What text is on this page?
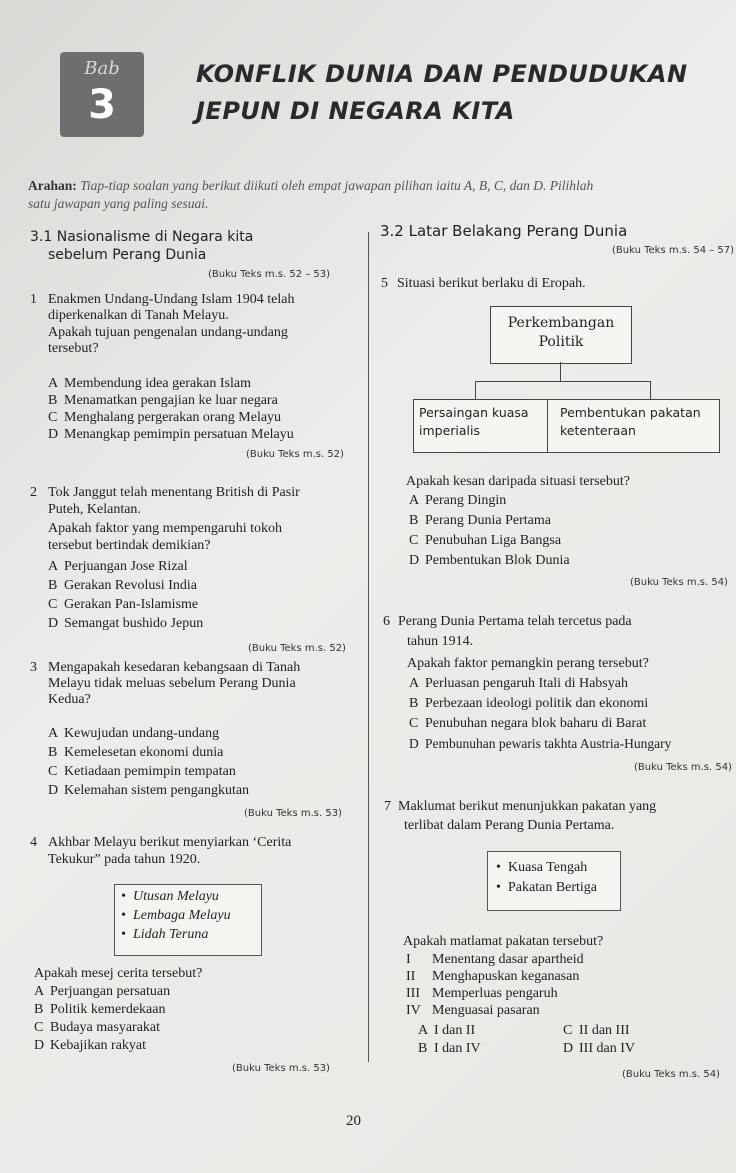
Bab
3
KONFLIK DUNIA DAN PENDUDUKAN
JEPUN DI NEGARA KITA
Arahan: Tiap-tiap soalan yang berikut diikuti oleh empat jawapan pilihan iaitu A, B, C, dan D. Pilihlah
satu jawapan yang paling sesuai.
3.1 Nasionalisme di Negara kita
sebelum Perang Dunia
(Buku Teks m.s. 52 – 53)
1 Enakmen Undang-Undang Islam 1904 telah
diperkenalkan di Tanah Melayu.
Apakah tujuan pengenalan undang-undang
tersebut?
A Membendung idea gerakan Islam
B Menamatkan pengajian ke luar negara
C Menghalang pergerakan orang Melayu
D Menangkap pemimpin persatuan Melayu
(Buku Teks m.s. 52)
2 Tok Janggut telah menentang British di Pasir
Puteh, Kelantan.
Apakah faktor yang mempengaruhi tokoh
tersebut bertindak demikian?
A Perjuangan Jose Rizal
B Gerakan Revolusi India
C Gerakan Pan-Islamisme
D Semangat bushido Jepun
(Buku Teks m.s. 52)
3 Mengapakah kesedaran kebangsaan di Tanah
Melayu tidak meluas sebelum Perang Dunia
Kedua?
A Kewujudan undang-undang
B Kemelesetan ekonomi dunia
C Ketiadaan pemimpin tempatan
D Kelemahan sistem pengangkutan
(Buku Teks m.s. 53)
4 Akhbar Melayu berikut menyiarkan ‘Cerita
Tekukur” pada tahun 1920.
• Utusan Melayu
• Lembaga Melayu
• Lidah Teruna
Apakah mesej cerita tersebut?
A Perjuangan persatuan
B Politik kemerdekaan
C Budaya masyarakat
D Kebajikan rakyat
(Buku Teks m.s. 53)
3.2 Latar Belakang Perang Dunia
(Buku Teks m.s. 54 – 57)
5 Situasi berikut berlaku di Eropah.
Perkembangan
Politik
Persaingan kuasa
imperialis
Pembentukan pakatan
ketenteraan
Apakah kesan daripada situasi tersebut?
A Perang Dingin
B Perang Dunia Pertama
C Penubuhan Liga Bangsa
D Pembentukan Blok Dunia
(Buku Teks m.s. 54)
6 Perang Dunia Pertama telah tercetus pada
tahun 1914.
Apakah faktor pemangkin perang tersebut?
A Perluasan pengaruh Itali di Habsyah
B Perbezaan ideologi politik dan ekonomi
C Penubuhan negara blok baharu di Barat
D Pembunuhan pewaris takhta Austria-Hungary
(Buku Teks m.s. 54)
7 Maklumat berikut menunjukkan pakatan yang
terlibat dalam Perang Dunia Pertama.
• Kuasa Tengah
• Pakatan Bertiga
Apakah matlamat pakatan tersebut?
I Menentang dasar apartheid
II Menghapuskan keganasan
III Memperluas pengaruh
IV Menguasai pasaran
A I dan II
B I dan IV
C II dan III
D III dan IV
(Buku Teks m.s. 54)
20
